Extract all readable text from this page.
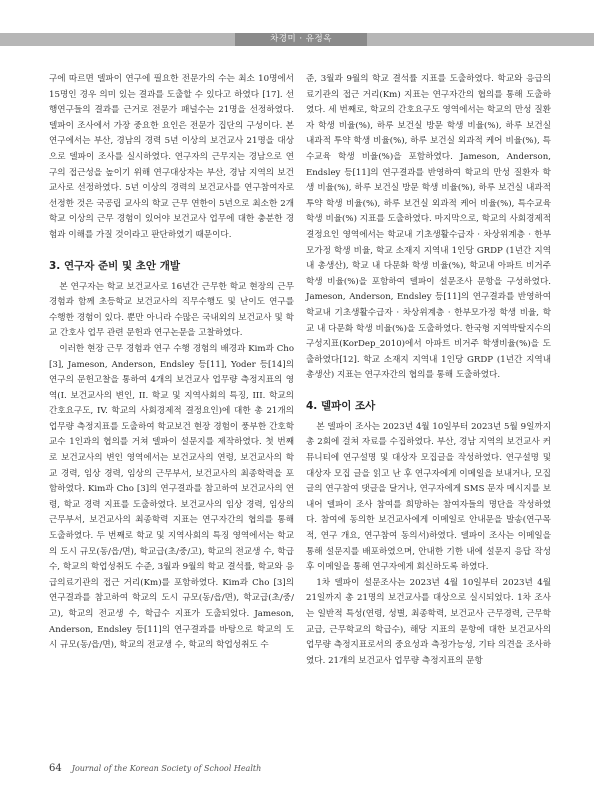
차경미 · 유정옥

구에 따르면 델파이 연구에 필요한 전문가의 수는 최소 10명에서 15명인 경우 의미 있는 결과를 도출할 수 있다고 하였다 [17]. 선행연구들의 결과를 근거로 전문가 패널수는 21명을 선정하였다. 델파이 조사에서 가장 중요한 요인은 전문가 집단의 구성이다. 본 연구에서는 부산, 경남의 경력 5년 이상의 보건교사 21명을 대상으로 델파이 조사를 실시하였다. 연구자의 근무지는 경남으로 연구의 접근성을 높이기 위해 연구대상자는 부산, 경남 지역의 보건교사로 선정하였다. 5년 이상의 경력의 보건교사를 연구참여자로 선정한 것은 국공립 교사의 학교 근무 연한이 5년으로 최소한 2개 학교 이상의 근무 경험이 있어야 보건교사 업무에 대한 충분한 경험과 이해를 가질 것이라고 판단하였기 때문이다.

3. 연구자 준비 및 초안 개발

본 연구자는 학교 보건교사로 16년간 근무한 학교 현장의 근무경험과 함께 초등학교 보건교사의 직무수행도 및 난이도 연구를 수행한 경험이 있다. 뿐만 아니라 수많은 국내외의 보건교사 및 학교 간호사 업무 관련 문헌과 연구논문을 고찰하였다.

이러한 현장 근무 경험과 연구 수행 경험의 배경과 Kim과 Cho [3], Jameson, Anderson, Endsley 등[11], Yoder 등[14]의 연구의 문헌고찰을 통하여 4개의 보건교사 업무량 측정지표의 영역(I. 보건교사의 변인, II. 학교 및 지역사회의 특징, III. 학교의 간호요구도, IV. 학교의 사회경제적 결정요인)에 대한 총 21개의 업무량 측정지표를 도출하여 학교보건 현장 경험이 풍부한 간호학 교수 1인과의 협의를 거쳐 델파이 설문지를 제작하였다. 첫 번째로 보건교사의 변인 영역에서는 보건교사의 연령, 보건교사의 학교 경력, 임상 경력, 임상의 근무부서, 보건교사의 최종학력을 포함하였다. Kim과 Cho [3]의 연구결과를 참고하여 보건교사의 연령, 학교 경력 지표를 도출하였다. 보건교사의 임상 경력, 임상의 근무부서, 보건교사의 최종학력 지표는 연구자간의 협의를 통해 도출하였다. 두 번째로 학교 및 지역사회의 특징 영역에서는 학교의 도시 규모(동/읍/면), 학교급(초/중/고), 학교의 전교생 수, 학급수, 학교의 학업성취도 수준, 3월과 9월의 학교 결석률, 학교와 응급의료기관의 접근 거리(Km)를 포함하였다. Kim과 Cho [3]의 연구결과를 참고하여 학교의 도시 규모(동/읍/면), 학교급(초/중/고), 학교의 전교생 수, 학급수 지표가 도출되었다. Jameson, Anderson, Endsley 등[11]의 연구결과를 바탕으로 학교의 도시 규모(동/읍/면), 학교의 전교생 수, 학교의 학업성취도 수

준, 3월과 9월의 학교 결석률 지표를 도출하였다. 학교와 응급의료기관의 접근 거리(Km) 지표는 연구자간의 협의를 통해 도출하였다. 세 번째로, 학교의 간호요구도 영역에서는 학교의 만성 질환자 학생 비율(%), 하루 보건실 방문 학생 비율(%), 하루 보건실 내과적 투약 학생 비율(%), 하루 보건실 외과적 케어 비율(%), 특수교육 학생 비율(%)을 포함하였다. Jameson, Anderson, Endsley 등[11]의 연구결과를 반영하여 학교의 만성 질환자 학생 비율(%), 하루 보건실 방문 학생 비율(%), 하루 보건실 내과적 투약 학생 비율(%), 하루 보건실 외과적 케어 비율(%), 특수교육 학생 비율(%) 지표를 도출하였다. 마지막으로, 학교의 사회경제적 결정요인 영역에서는 학교내 기초생활수급자 · 차상위계층 · 한부모가정 학생 비율, 학교 소재지 지역내 1인당 GRDP (1년간 지역내 총생산), 학교 내 다문화 학생 비율(%), 학교내 아파트 비거주 학생 비율(%)을 포함하여 델파이 설문조사 문항을 구성하였다. Jameson, Anderson, Endsley 등[11]의 연구결과를 반영하여 학교내 기초생활수급자 · 차상위계층 · 한부모가정 학생 비율, 학교 내 다문화 학생 비율(%)을 도출하였다. 한국형 지역박탈지수의 구성지표(KorDep_2010)에서 아파트 비거주 학생비율(%)을 도출하였다[12]. 학교 소재지 지역내 1인당 GRDP (1년간 지역내 총생산) 지표는 연구자간의 협의를 통해 도출하였다.

4. 델파이 조사

본 델파이 조사는 2023년 4월 10일부터 2023년 5월 9일까지 총 2회에 걸쳐 자료를 수집하였다. 부산, 경남 지역의 보건교사 커뮤니티에 연구설명 및 대상자 모집글을 작성하였다. 연구설명 및 대상자 모집 글을 읽고 난 후 연구자에게 이메일을 보내거나, 모집글의 연구참여 댓글을 달거나, 연구자에게 SMS 문자 메시지를 보내어 델파이 조사 참여를 희망하는 참여자들의 명단을 작성하였다. 참여에 동의한 보건교사에게 이메일로 안내문을 발송(연구목적, 연구 개요, 연구참여 동의서)하였다. 델파이 조사는 이메일을 통해 설문지를 배포하였으며, 안내한 기한 내에 설문지 응답 작성 후 이메일을 통해 연구자에게 회신하도록 하였다.

1차 델파이 설문조사는 2023년 4월 10일부터 2023년 4월 21일까지 총 21명의 보건교사를 대상으로 실시되었다. 1차 조사는 일반적 특성(연령, 성별, 최종학력, 보건교사 근무경력, 근무학교급, 근무학교의 학급수), 해당 지표의 문항에 대한 보건교사의 업무량 측정지표로서의 중요성과 측정가능성, 기타 의견을 조사하였다. 21개의 보건교사 업무량 측정지표의 문항

64 Journal of the Korean Society of School Health
